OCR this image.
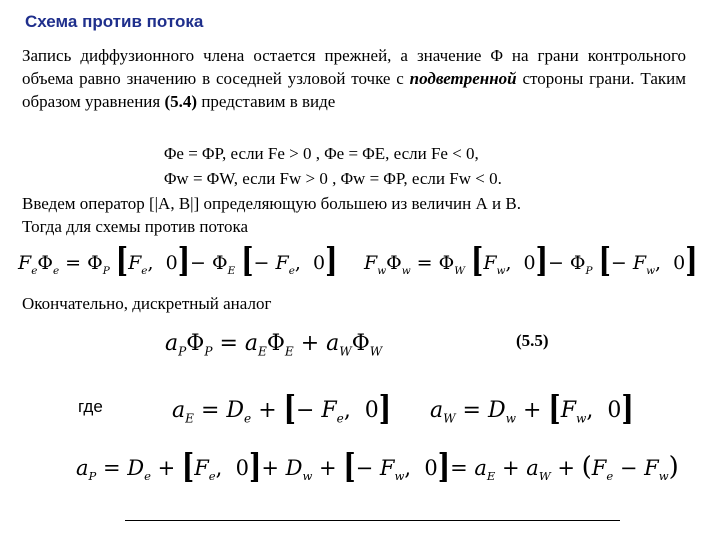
Схема против потока
Запись диффузионного члена остается прежней, а значение Φ на грани контрольного объема равно значению в соседней узловой точке с подветренной стороны грани. Таким образом уравнения (5.4) представим в виде
Φe = ΦP, если Fe > 0 , Φe = ΦE, если Fe < 0,
Φw = ΦW, если Fw > 0 , Φw = ΦP, если Fw < 0.
Введем оператор [|A, B|] определяющую большею из величин А и В.
Тогда для схемы против потока
$F_e\Phi_e = \Phi_P$ [$F_e$,  $0]- \Phi_E$ [− $F_e$,  0] $F_w\Phi_w = \Phi_W$ [$F_w$,  $0]- \Phi_P$ [− $F_w$,  0]
Окончательно, дискретный аналог
$a_P\Phi_P = a_E\Phi_E + a_W\Phi_W$
(5.5)
где	$a_E = D_e$ + [− $F_e$,  0] $a_W = D_w + [F_w$,  0]
$a_P = D_e + [F_e$,  $0]+ D_w$ + [− $F_w$,  $0]= a_E + a_W + (F_e - F_w)$
